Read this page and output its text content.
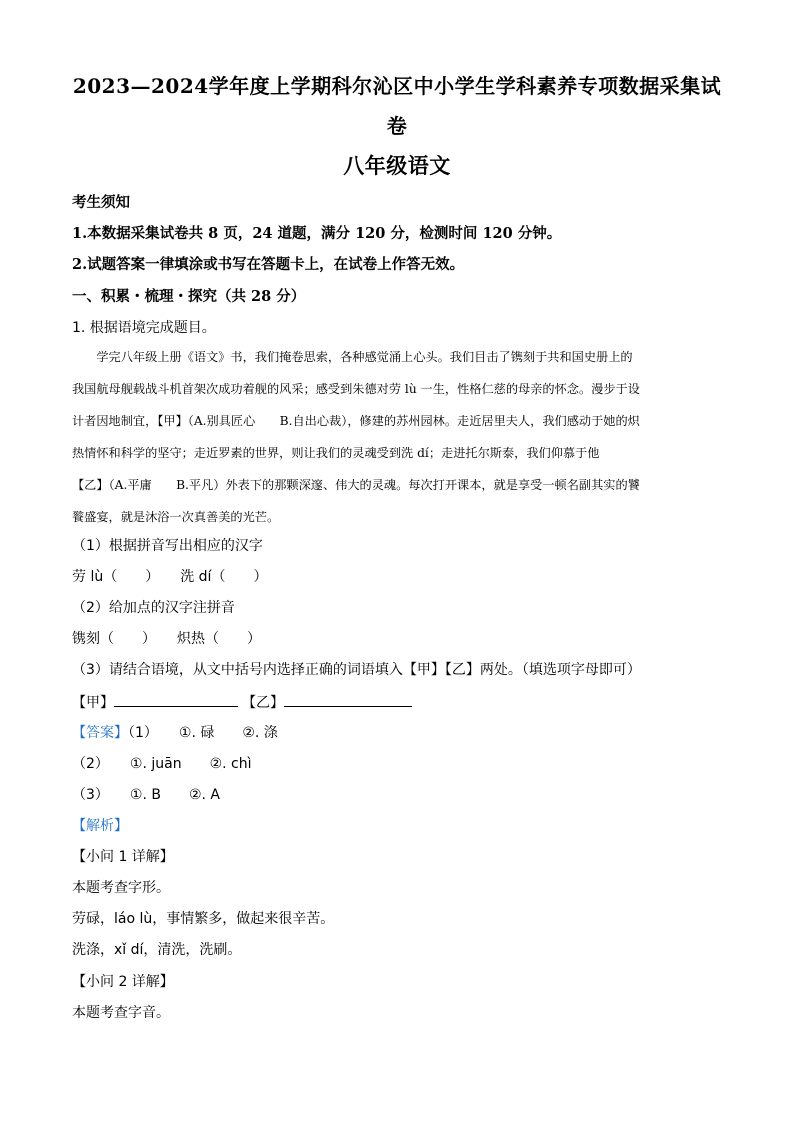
2023—2024学年度上学期科尔沁区中小学生学科素养专项数据采集试
卷
八年级语文
考生须知
1.本数据采集试卷共 8 页，24 道题，满分 120 分，检测时间 120 分钟。
2.试题答案一律填涂或书写在答题卡上，在试卷上作答无效。
一、积累・梳理・探究（共 28 分）
1. 根据语境完成题目。
　　学完八年级上册《语文》书，我们掩卷思索，各种感觉涌上心头。我们目击了镌刻于共和国史册上的
我国航母舰载战斗机首架次成功着舰的风采；感受到朱德对劳 lù 一生，性格仁慈的母亲的怀念。漫步于设
计者因地制宜，【甲】（A.别具匠心　　B.自出心裁），修建的苏州园林。走近居里夫人，我们感动于她的炽
热情怀和科学的坚守；走近罗素的世界，则让我们的灵魂受到洗 dí；走进托尔斯泰，我们仰慕于他
【乙】（A.平庸　　B.平凡）外表下的那颗深邃、伟大的灵魂。每次打开课本，就是享受一顿名副其实的饕
餮盛宴，就是沐浴一次真善美的光芒。
（1）根据拼音写出相应的汉字
劳 lù（　　）　　洗 dí（　　）
（2）给加点的汉字注拼音
镌刻（　　）　　炽热（　　）
（3）请结合语境，从文中括号内选择正确的词语填入【甲】【乙】两处。（填选项字母即可）
【甲】	【乙】
【答案】（1）　　①. 碌　　②. 涤
（2）　　①. juān　　②. chì
（3）　　①. B　　②. A
【解析】
【小问 1 详解】
本题考查字形。
劳碌，láo lù，事情繁多，做起来很辛苦。
洗涤，xǐ dí，清洗，洗刷。
【小问 2 详解】
本题考查字音。
